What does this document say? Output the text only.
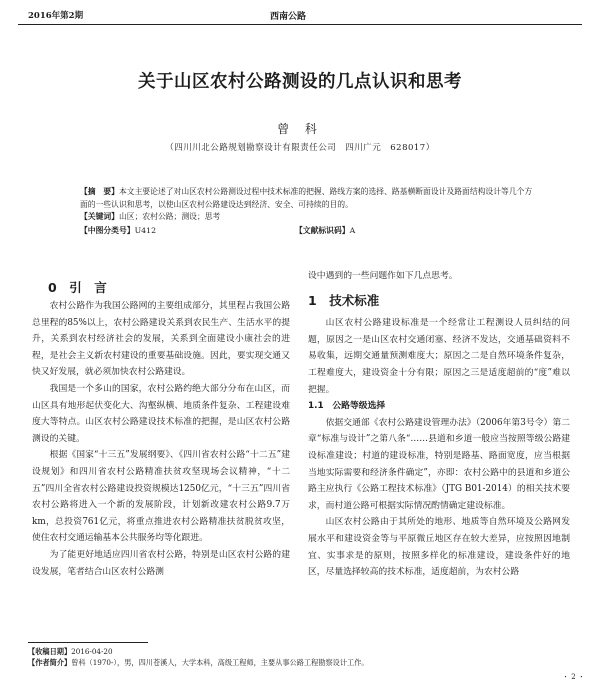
2016年第2期	西南公路
关于山区农村公路测设的几点认识和思考
曾 科
（四川川北公路规划勘察设计有限责任公司　四川广元　628017）
【摘　要】本文主要论述了对山区农村公路测设过程中技术标准的把握、路线方案的选择、路基横断面设计及路面结构设计等几个方面的一些认识和思考，以使山区农村公路建设达到经济、安全、可持续的目的。
【关键词】山区；农村公路；测设；思考
【中图分类号】U412	【文献标识码】A

0　引　言

农村公路作为我国公路网的主要组成部分，其里程占我国公路总里程的85%以上，农村公路建设关系到农民生产、生活水平的提升，关系到农村经济社会的发展，关系到全面建设小康社会的进程，是社会主义新农村建设的重要基础设施。因此，要实现交通又快又好发展，就必须加快农村公路建设。

我国是一个多山的国家，农村公路约绝大部分分布在山区，而山区具有地形起伏变化大、沟壑纵横、地质条件复杂、工程建设难度大等特点。山区农村公路建设技术标准的把握，是山区农村公路测设的关键。

根据《国家“十三五”发展纲要》、《四川省农村公路“十二五”建设规划》和四川省农村公路精准扶贫攻坚现场会议精神，“十二五”四川全省农村公路建设投资规模达1250亿元，“十三五”四川省农村公路将进入一个新的发展阶段，计划新改建农村公路9.7万km，总投资761亿元，将重点推进农村公路精准扶贫脱贫攻坚，使住农村交通运输基本公共服务均等化跟进。

为了能更好地适应四川省农村公路，特别是山区农村公路的建设发展，笔者结合山区农村公路测

设中遇到的一些问题作如下几点思考。

1　技术标准

山区农村公路建设标准是一个经常让工程测设人员纠结的问题，原因之一是山区农村交通闭塞、经济不发达，交通基础资料不易收集，远期交通量预测难度大；原因之二是自然环境条件复杂，工程难度大，建设资金十分有限；原因之三是适度超前的“度”难以把握。

1.1　公路等级选择

依据交通部《农村公路建设管理办法》（2006年第3号令）第二章“标准与设计”之第八条“……县道和乡道一般应当按照等级公路建设标准建设；村道的建设标准，特别是路基、路面宽度，应当根据当地实际需要和经济条件确定”，亦即：农村公路中的县道和乡道公路主应执行《公路工程技术标准》（JTG B01-2014）的相关技术要求，而村道公路可根据实际情况酌情确定建设标准。

山区农村公路由于其所处的地形、地质等自然环境及公路网发展水平和建设资金等与平原微丘地区存在较大差异，应按照因地制宜、实事求是的原则，按照多样化的标准建设，建设条件好的地区，尽量选择较高的技术标准，适度超前，为农村公路

【收稿日期】2016-04-20
【作者简介】曾科（1970-），男，四川苍溪人，大学本科，高级工程师，主要从事公路工程勘察设计工作。
・ 2 ・
